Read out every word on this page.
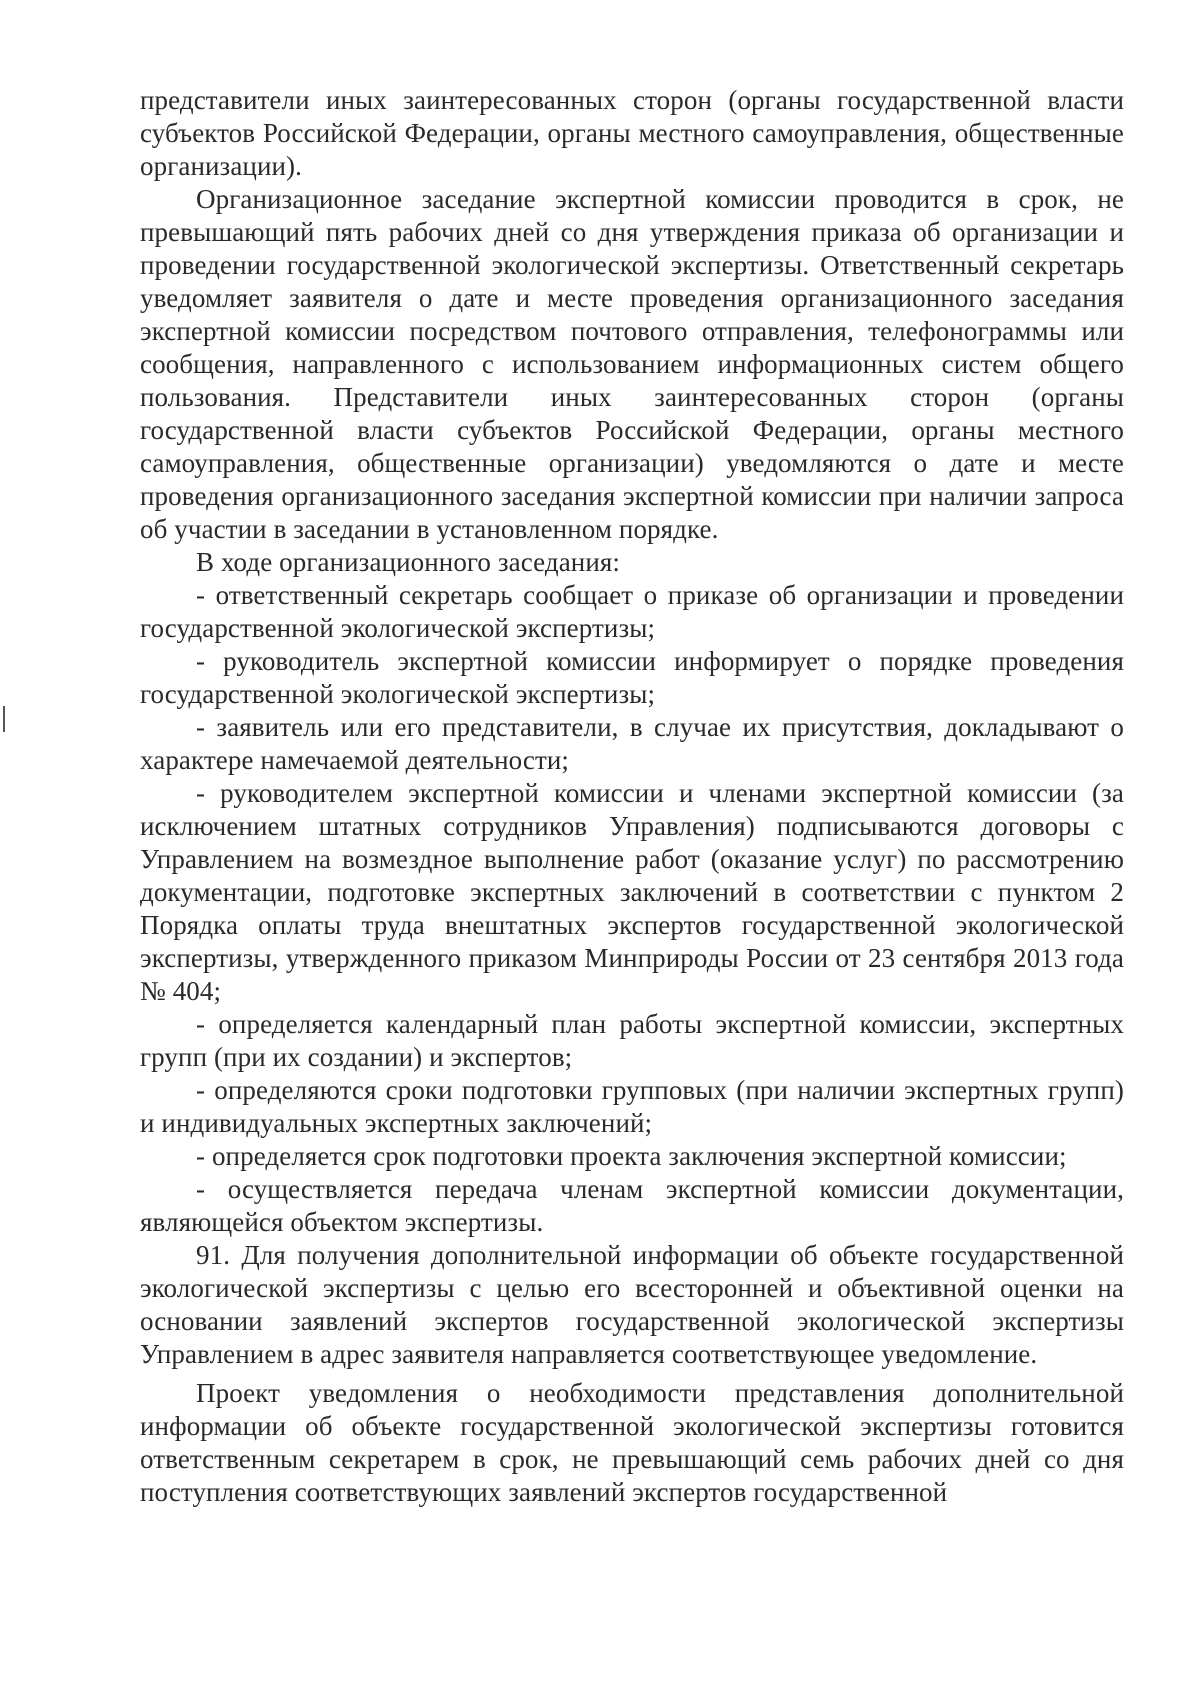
представители иных заинтересованных сторон (органы государственной власти субъектов Российской Федерации, органы местного самоуправления, общественные организации).

Организационное заседание экспертной комиссии проводится в срок, не превышающий пять рабочих дней со дня утверждения приказа об организации и проведении государственной экологической экспертизы. Ответственный секретарь уведомляет заявителя о дате и месте проведения организационного заседания экспертной комиссии посредством почтового отправления, телефонограммы или сообщения, направленного с использованием информационных систем общего пользования. Представители иных заинтересованных сторон (органы государственной власти субъектов Российской Федерации, органы местного самоуправления, общественные организации) уведомляются о дате и месте проведения организационного заседания экспертной комиссии при наличии запроса об участии в заседании в установленном порядке.

В ходе организационного заседания:

- ответственный секретарь сообщает о приказе об организации и проведении государственной экологической экспертизы;

- руководитель экспертной комиссии информирует о порядке проведения государственной экологической экспертизы;

- заявитель или его представители, в случае их присутствия, докладывают о характере намечаемой деятельности;

- руководителем экспертной комиссии и членами экспертной комиссии (за исключением штатных сотрудников Управления) подписываются договоры с Управлением на возмездное выполнение работ (оказание услуг) по рассмотрению документации, подготовке экспертных заключений в соответствии с пунктом 2 Порядка оплаты труда внештатных экспертов государственной экологической экспертизы, утвержденного приказом Минприроды России от 23 сентября 2013 года № 404;

- определяется календарный план работы экспертной комиссии, экспертных групп (при их создании) и экспертов;

- определяются сроки подготовки групповых (при наличии экспертных групп) и индивидуальных экспертных заключений;

- определяется срок подготовки проекта заключения экспертной комиссии;

- осуществляется передача членам экспертной комиссии документации, являющейся объектом экспертизы.

91. Для получения дополнительной информации об объекте государственной экологической экспертизы с целью его всесторонней и объективной оценки на основании заявлений экспертов государственной экологической экспертизы Управлением в адрес заявителя направляется соответствующее уведомление.

Проект уведомления о необходимости представления дополнительной информации об объекте государственной экологической экспертизы готовится ответственным секретарем в срок, не превышающий семь рабочих дней со дня поступления соответствующих заявлений экспертов государственной
